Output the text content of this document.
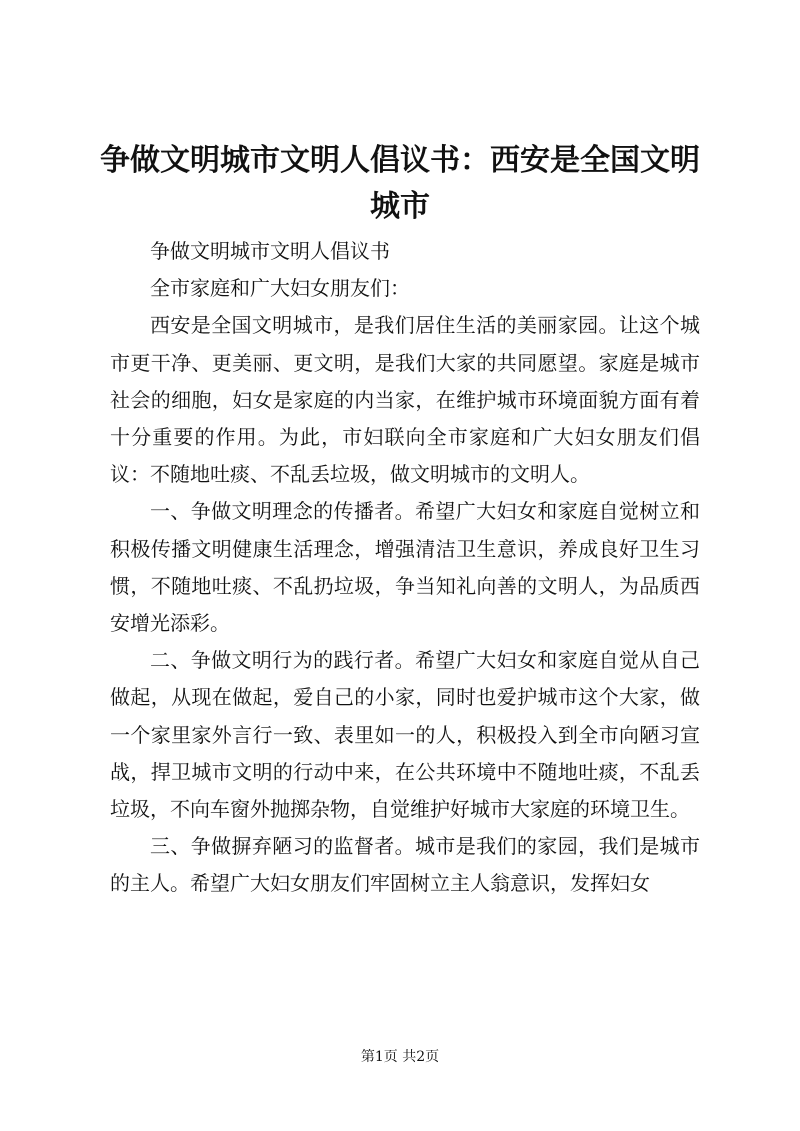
争做文明城市文明人倡议书：西安是全国文明城市

争做文明城市文明人倡议书

全市家庭和广大妇女朋友们：

西安是全国文明城市，是我们居住生活的美丽家园。让这个城市更干净、更美丽、更文明，是我们大家的共同愿望。家庭是城市社会的细胞，妇女是家庭的内当家，在维护城市环境面貌方面有着十分重要的作用。为此，市妇联向全市家庭和广大妇女朋友们倡议：不随地吐痰、不乱丢垃圾，做文明城市的文明人。

一、争做文明理念的传播者。希望广大妇女和家庭自觉树立和积极传播文明健康生活理念，增强清洁卫生意识，养成良好卫生习惯，不随地吐痰、不乱扔垃圾，争当知礼向善的文明人，为品质西安增光添彩。

二、争做文明行为的践行者。希望广大妇女和家庭自觉从自己做起，从现在做起，爱自己的小家，同时也爱护城市这个大家，做一个家里家外言行一致、表里如一的人，积极投入到全市向陋习宣战，捍卫城市文明的行动中来，在公共环境中不随地吐痰，不乱丢垃圾，不向车窗外抛掷杂物，自觉维护好城市大家庭的环境卫生。

三、争做摒弃陋习的监督者。城市是我们的家园，我们是城市的主人。希望广大妇女朋友们牢固树立主人翁意识，发挥妇女

第1页 共2页
